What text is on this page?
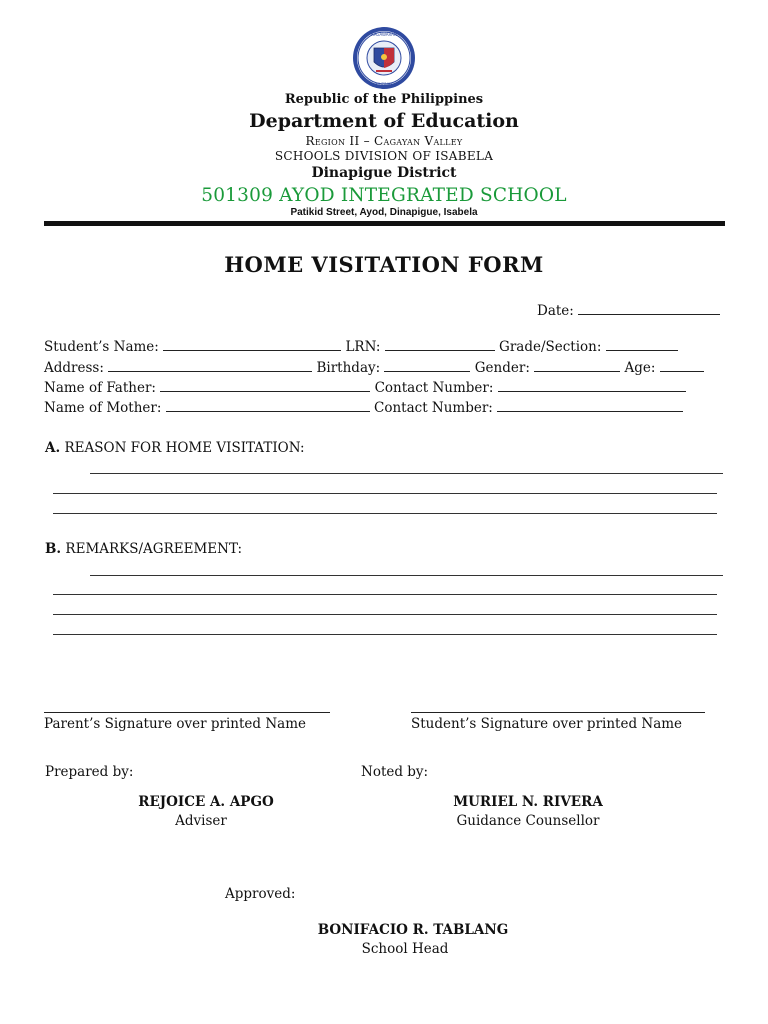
KAGAWARAN
PILIPINAS
Republic of the Philippines
Department of Education
Region II – Cagayan Valley
SCHOOLS DIVISION OF ISABELA
Dinapigue District
501309 AYOD INTEGRATED SCHOOL
Patikid Street, Ayod, Dinapigue, Isabela
HOME VISITATION FORM
Date:
Student’s Name:	LRN:	Grade/Section:
Address:	Birthday:	Gender:	Age:
Name of Father:	Contact Number:
Name of Mother:	Contact Number:
A. REASON FOR HOME VISITATION:
B. REMARKS/AGREEMENT:
Parent’s Signature over printed Name	Student’s Signature over printed Name
Prepared by:	Noted by:
REJOICE A. APGO
Adviser
MURIEL N. RIVERA
Guidance Counsellor
Approved:
BONIFACIO R. TABLANG
School Head
